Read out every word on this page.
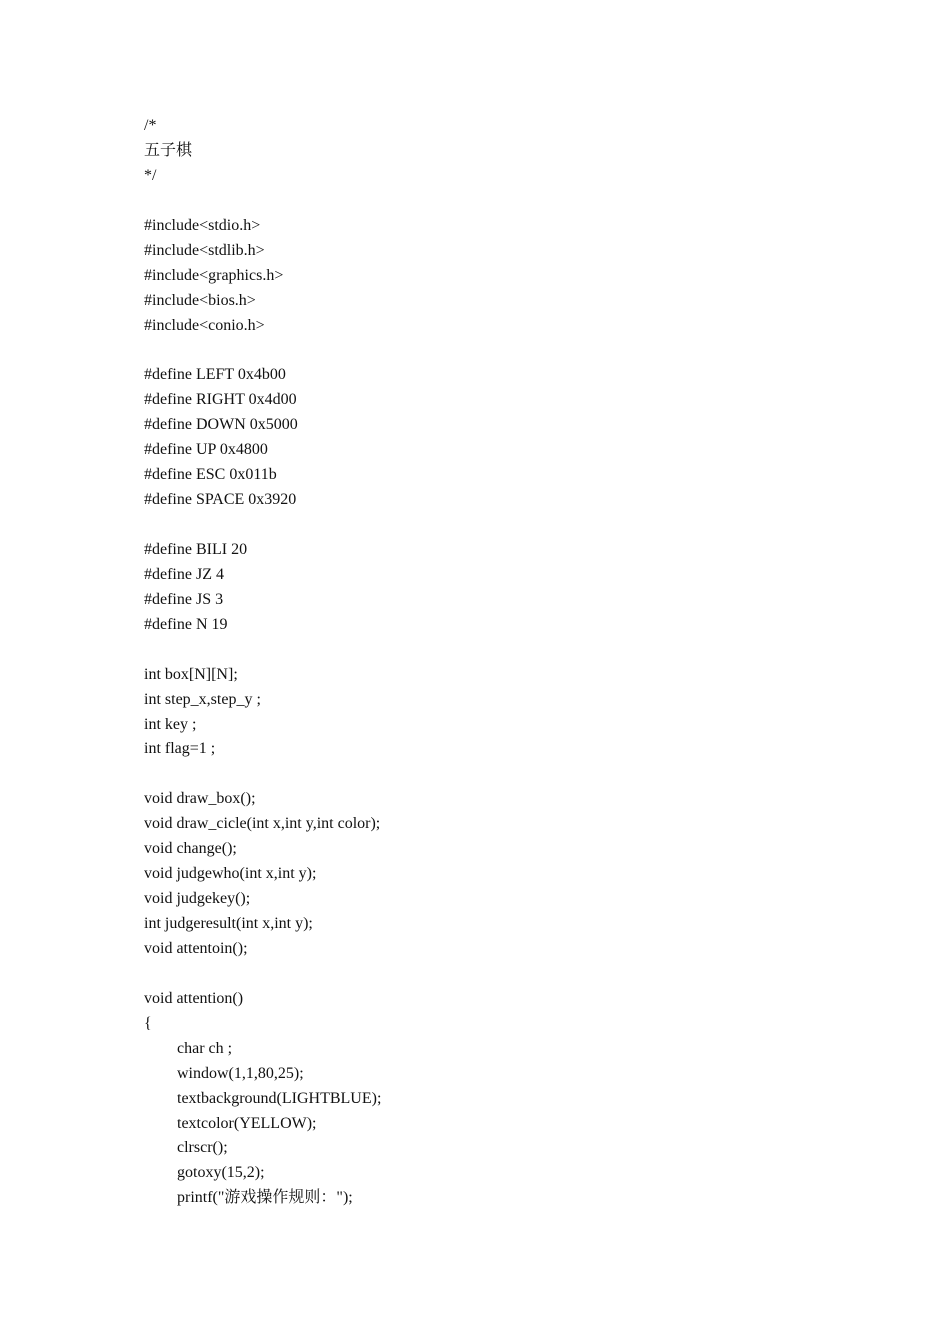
/*
五子棋
*/
#include<stdio.h>
#include<stdlib.h>
#include<graphics.h>
#include<bios.h>
#include<conio.h>
#define LEFT 0x4b00
#define RIGHT 0x4d00
#define DOWN 0x5000
#define UP 0x4800
#define ESC 0x011b
#define SPACE 0x3920
#define BILI 20
#define JZ 4
#define JS 3
#define N 19
int box[N][N];
int step_x,step_y ;
int key ;
int flag=1 ;
void draw_box();
void draw_cicle(int x,int y,int color);
void change();
void judgewho(int x,int y);
void judgekey();
int judgeresult(int x,int y);
void attentoin();
void attention()
{
char ch ;
window(1,1,80,25);
textbackground(LIGHTBLUE);
textcolor(YELLOW);
clrscr();
gotoxy(15,2);
printf("游戏操作规则：");
